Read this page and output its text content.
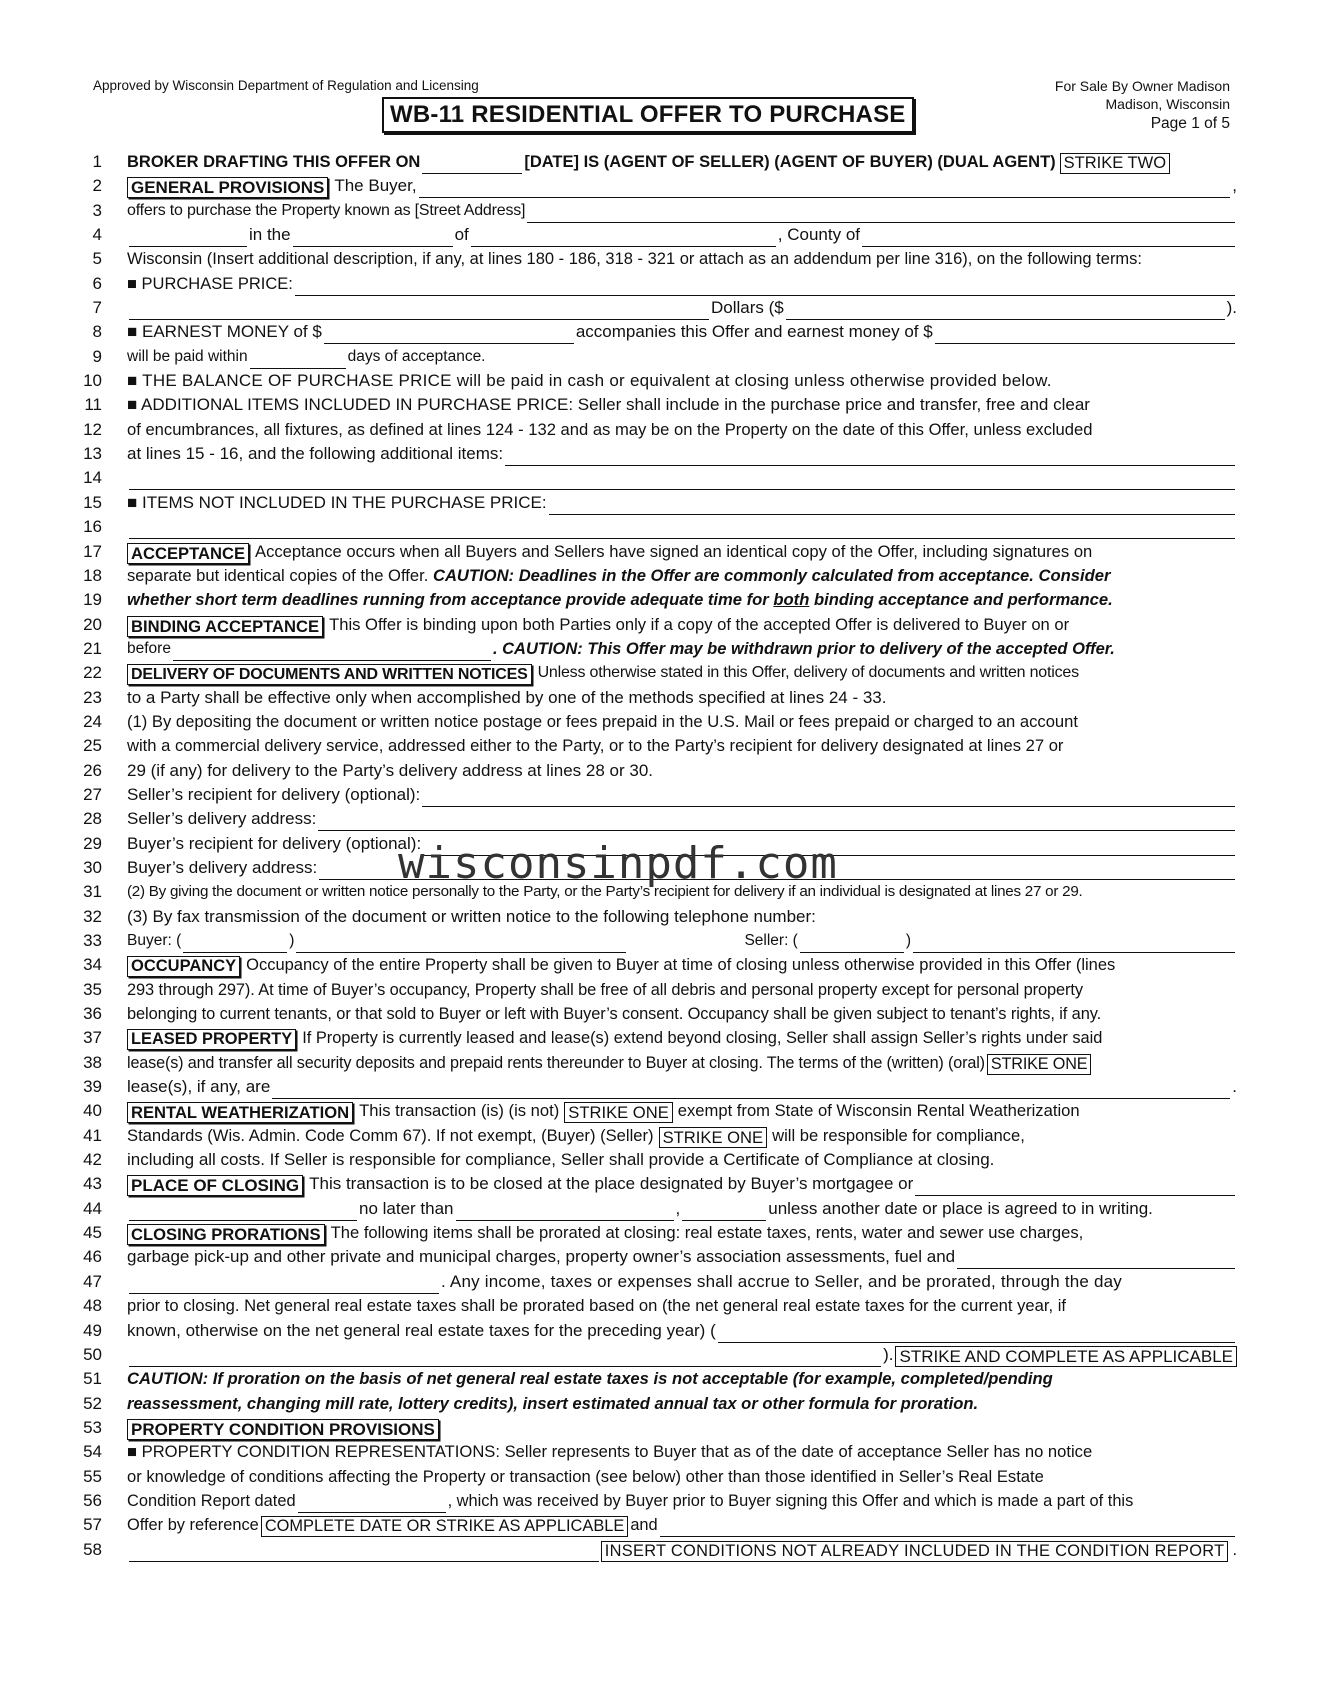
Approved by Wisconsin Department of Regulation and Licensing	For Sale By Owner Madison
Madison, Wisconsin
Page 1 of 5
WB-11 RESIDENTIAL OFFER TO PURCHASE
1 BROKER DRAFTING THIS OFFER ON	[DATE] IS (AGENT OF SELLER) (AGENT OF BUYER) (DUAL AGENT) STRIKE TWO
2 GENERAL PROVISIONS The Buyer,	,
3 offers to purchase the Property known as [Street Address]
4	in the	of	, County of
5 Wisconsin (Insert additional description, if any, at lines 180 - 186, 318 - 321 or attach as an addendum per line 316), on the following terms:
6 ■ PURCHASE PRICE:
7	Dollars ($	).
8 ■ EARNEST MONEY of $	accompanies this Offer and earnest money of $
9 will be paid within	days of acceptance.
10 ■ THE BALANCE OF PURCHASE PRICE will be paid in cash or equivalent at closing unless otherwise provided below.
11 ■ ADDITIONAL ITEMS INCLUDED IN PURCHASE PRICE: Seller shall include in the purchase price and transfer, free and clear
12 of encumbrances, all fixtures, as defined at lines 124 - 132 and as may be on the Property on the date of this Offer, unless excluded
13 at lines 15 - 16, and the following additional items:
14
15 ■ ITEMS NOT INCLUDED IN THE PURCHASE PRICE:
16
17 ACCEPTANCE Acceptance occurs when all Buyers and Sellers have signed an identical copy of the Offer, including signatures on
18 separate but identical copies of the Offer.
CAUTION: Deadlines in the Offer are commonly calculated from acceptance. Consider
19 whether short term deadlines running from acceptance provide adequate time for
both
binding acceptance and performance.
20 BINDING ACCEPTANCE This Offer is binding upon both Parties only if a copy of the accepted Offer is delivered to Buyer on or
21 before	. CAUTION: This Offer may be withdrawn prior to delivery of the accepted Offer.
22 DELIVERY OF DOCUMENTS AND WRITTEN NOTICES Unless otherwise stated in this Offer, delivery of documents and written notices
23 to a Party shall be effective only when accomplished by one of the methods specified at lines 24 - 33.
24 (1) By depositing the document or written notice postage or fees prepaid in the U.S. Mail or fees prepaid or charged to an account
25 with a commercial delivery service, addressed either to the Party, or to the Party’s recipient for delivery designated at lines 27 or
26 29 (if any) for delivery to the Party’s delivery address at lines 28 or 30.
27 Seller’s recipient for delivery (optional):
28 Seller’s delivery address:
29 Buyer’s recipient for delivery (optional):
30 Buyer’s delivery address:
31 (2) By giving the document or written notice personally to the Party, or the Party’s recipient for delivery if an individual is designated at lines 27 or 29.
32 (3) By fax transmission of the document or written notice to the following telephone number:
33 Buyer: (	)	Seller: (	)
34 OCCUPANCY Occupancy of the entire Property shall be given to Buyer at time of closing unless otherwise provided in this Offer (lines
35 293 through 297). At time of Buyer’s occupancy, Property shall be free of all debris and personal property except for personal property
36 belonging to current tenants, or that sold to Buyer or left with Buyer’s consent. Occupancy shall be given subject to tenant’s rights, if any.
37 LEASED PROPERTY If Property is currently leased and lease(s) extend beyond closing, Seller shall assign Seller’s rights under said
38 lease(s) and transfer all security deposits and prepaid rents thereunder to Buyer at closing. The terms of the (written) (oral) STRIKE ONE
39 lease(s), if any, are	.
40 RENTAL WEATHERIZATION This transaction (is) (is not) STRIKE ONE exempt from State of Wisconsin Rental Weatherization
41 Standards (Wis. Admin. Code Comm 67). If not exempt, (Buyer) (Seller) STRIKE ONE will be responsible for compliance,
42 including all costs. If Seller is responsible for compliance, Seller shall provide a Certificate of Compliance at closing.
43 PLACE OF CLOSING This transaction is to be closed at the place designated by Buyer’s mortgagee or
44	no later than	,	unless another date or place is agreed to in writing.
45 CLOSING PRORATIONS The following items shall be prorated at closing: real estate taxes, rents, water and sewer use charges,
46 garbage pick-up and other private and municipal charges, property owner’s association assessments, fuel and
47	. Any income, taxes or expenses shall accrue to Seller, and be prorated, through the day
48 prior to closing. Net general real estate taxes shall be prorated based on (the net general real estate taxes for the current year, if
49 known, otherwise on the net general real estate taxes for the preceding year) (
50	). STRIKE AND COMPLETE AS APPLICABLE
51 CAUTION: If proration on the basis of net general real estate taxes is not acceptable (for example, completed/pending
52 reassessment, changing mill rate, lottery credits), insert estimated annual tax or other formula for proration.
53 PROPERTY CONDITION PROVISIONS
54 ■ PROPERTY CONDITION REPRESENTATIONS: Seller represents to Buyer that as of the date of acceptance Seller has no notice
55 or knowledge of conditions affecting the Property or transaction (see below) other than those identified in Seller’s Real Estate
56 Condition Report dated	, which was received by Buyer prior to Buyer signing this Offer and which is made a part of this
57 Offer by reference COMPLETE DATE OR STRIKE AS APPLICABLE and
58	INSERT CONDITIONS NOT ALREADY INCLUDED IN THE CONDITION REPORT .
wisconsinpdf.com
